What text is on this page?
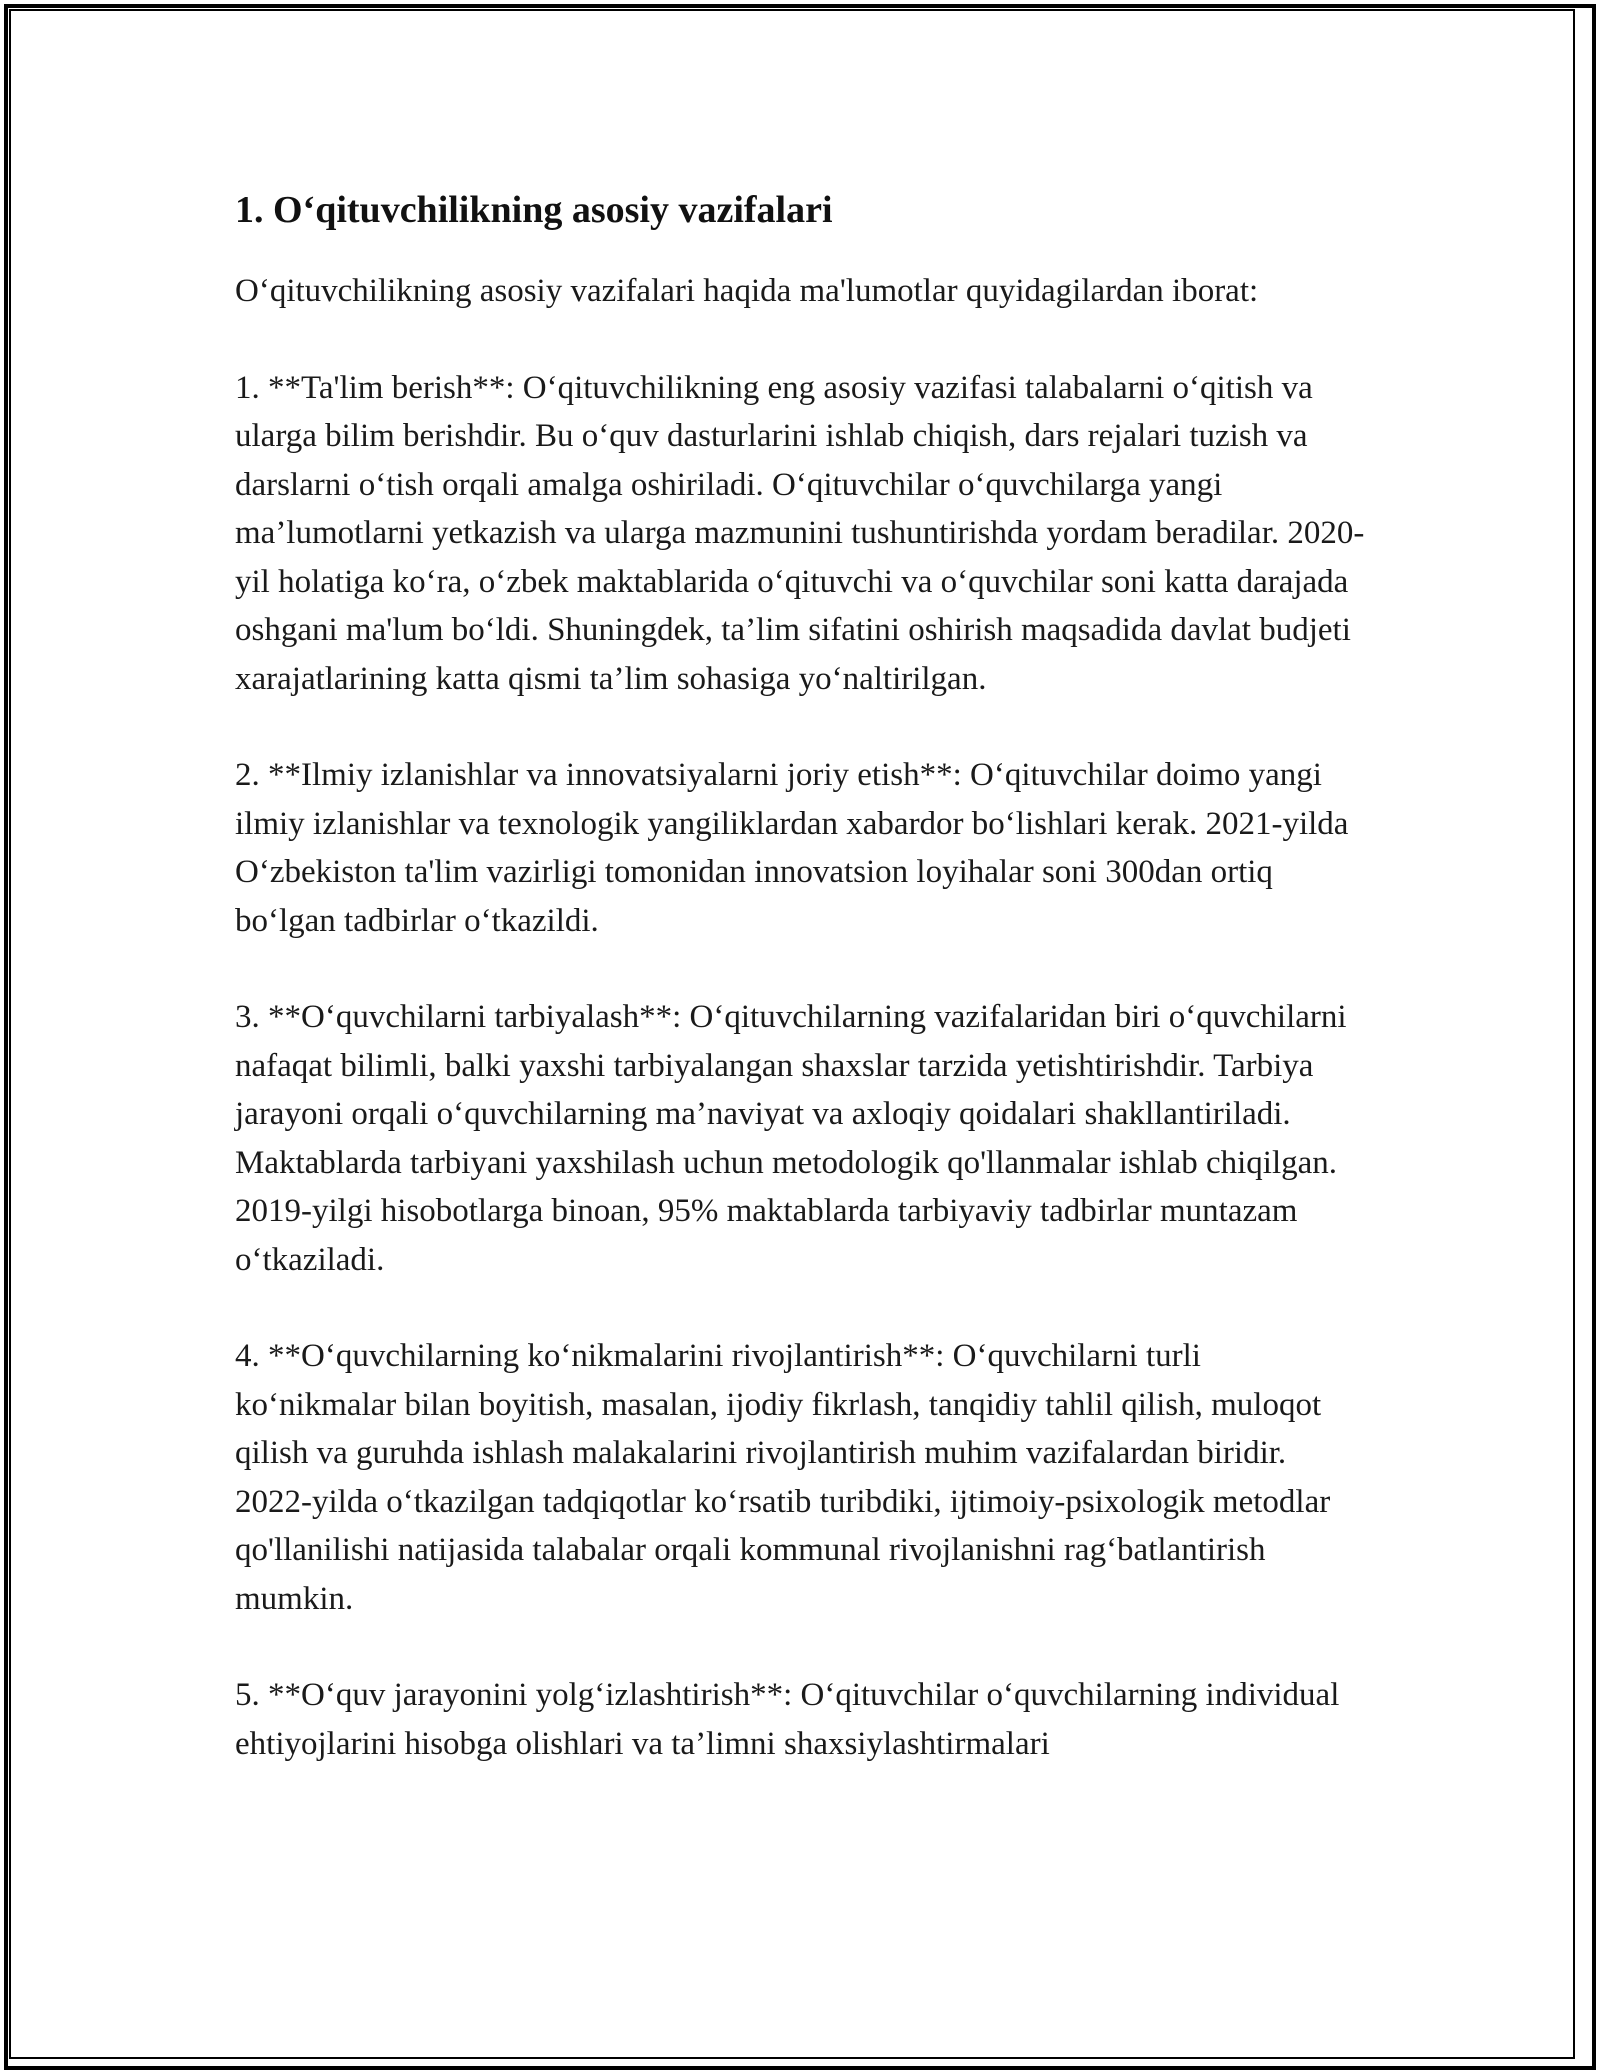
1. O‘qituvchilikning asosiy vazifalari

O‘qituvchilikning asosiy vazifalari haqida ma'lumotlar quyidagilardan iborat:

1. **Ta'lim berish**: O‘qituvchilikning eng asosiy vazifasi talabalarni o‘qitish va ularga bilim berishdir. Bu o‘quv dasturlarini ishlab chiqish, dars rejalari tuzish va darslarni o‘tish orqali amalga oshiriladi. O‘qituvchilar o‘quvchilarga yangi ma’lumotlarni yetkazish va ularga mazmunini tushuntirishda yordam beradilar. 2020-yil holatiga ko‘ra, o‘zbek maktablarida o‘qituvchi va o‘quvchilar soni katta darajada oshgani ma'lum bo‘ldi. Shuningdek, ta’lim sifatini oshirish maqsadida davlat budjeti xarajatlarining katta qismi ta’lim sohasiga yo‘naltirilgan.

2. **Ilmiy izlanishlar va innovatsiyalarni joriy etish**: O‘qituvchilar doimo yangi ilmiy izlanishlar va texnologik yangiliklardan xabardor bo‘lishlari kerak. 2021-yilda O‘zbekiston ta'lim vazirligi tomonidan innovatsion loyihalar soni 300dan ortiq bo‘lgan tadbirlar o‘tkazildi.

3. **O‘quvchilarni tarbiyalash**: O‘qituvchilarning vazifalaridan biri o‘quvchilarni nafaqat bilimli, balki yaxshi tarbiyalangan shaxslar tarzida yetishtirishdir. Tarbiya jarayoni orqali o‘quvchilarning ma’naviyat va axloqiy qoidalari shakllantiriladi. Maktablarda tarbiyani yaxshilash uchun metodologik qo'llanmalar ishlab chiqilgan. 2019-yilgi hisobotlarga binoan, 95% maktablarda tarbiyaviy tadbirlar muntazam o‘tkaziladi.

4. **O‘quvchilarning ko‘nikmalarini rivojlantirish**: O‘quvchilarni turli ko‘nikmalar bilan boyitish, masalan, ijodiy fikrlash, tanqidiy tahlil qilish, muloqot qilish va guruhda ishlash malakalarini rivojlantirish muhim vazifalardan biridir. 2022-yilda o‘tkazilgan tadqiqotlar ko‘rsatib turibdiki, ijtimoiy-psixologik metodlar qo'llanilishi natijasida talabalar orqali kommunal rivojlanishni rag‘batlantirish mumkin.

5. **O‘quv jarayonini yolg‘izlashtirish**: O‘qituvchilar o‘quvchilarning individual ehtiyojlarini hisobga olishlari va ta’limni shaxsiylashtirmalari
